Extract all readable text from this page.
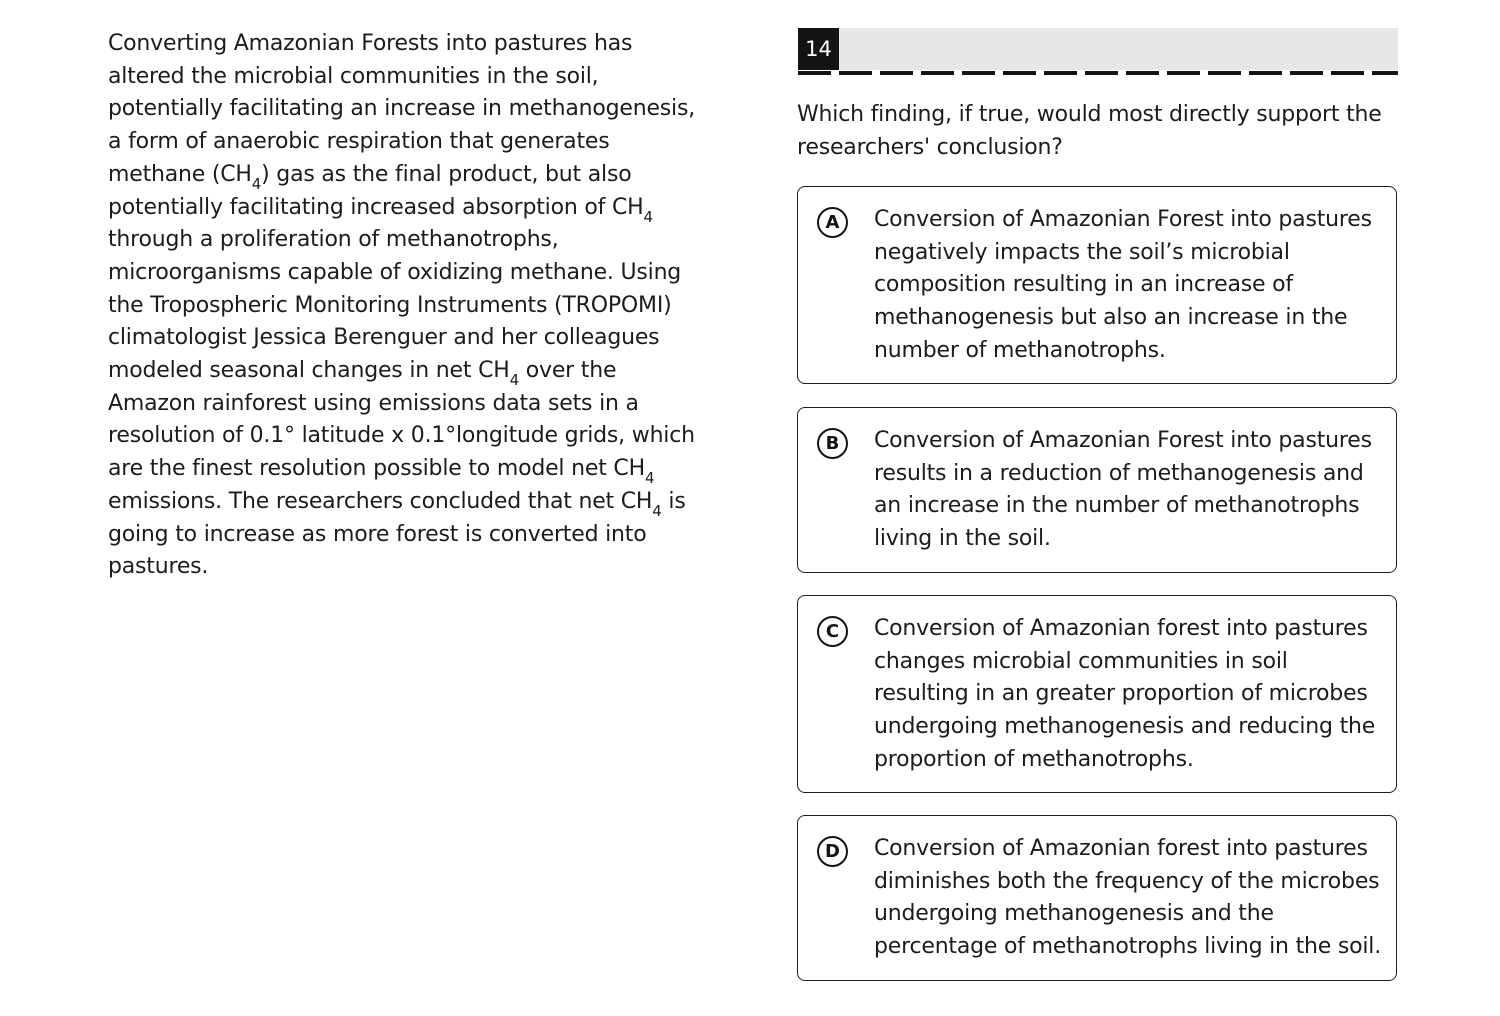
Converting Amazonian Forests into pastures has altered the microbial communities in the soil, potentially facilitating an increase in methanogenesis, a form of anaerobic respiration that generates methane $(CH_4)$ gas as the final product, but also potentially facilitating increased absorption of $CH_4$ through a proliferation of methanotrophs, microorganisms capable of oxidizing methane. Using the Tropospheric Monitoring Instruments (TROPOMI) climatologist Jessica Berenguer and her colleagues modeled seasonal changes in net $CH_4$ over the Amazon rainforest using emissions data sets in a resolution of 0.1° latitude x 0.1°longitude grids, which are the finest resolution possible to model net $CH_4$ emissions. The researchers concluded that net $CH_4$ is going to increase as more forest is converted into pastures.

14

Which finding, if true, would most directly support the researchers' conclusion?

A	Conversion of Amazonian Forest into pastures negatively impacts the soil’s microbial composition resulting in an increase of methanogenesis but also an increase in the number of methanotrophs.

B	Conversion of Amazonian Forest into pastures results in a reduction of methanogenesis and an increase in the number of methanotrophs living in the soil.

C	Conversion of Amazonian forest into pastures changes microbial communities in soil resulting in an greater proportion of microbes undergoing methanogenesis and reducing the proportion of methanotrophs.

D	Conversion of Amazonian forest into pastures diminishes both the frequency of the microbes undergoing methanogenesis and the percentage of methanotrophs living in the soil.
